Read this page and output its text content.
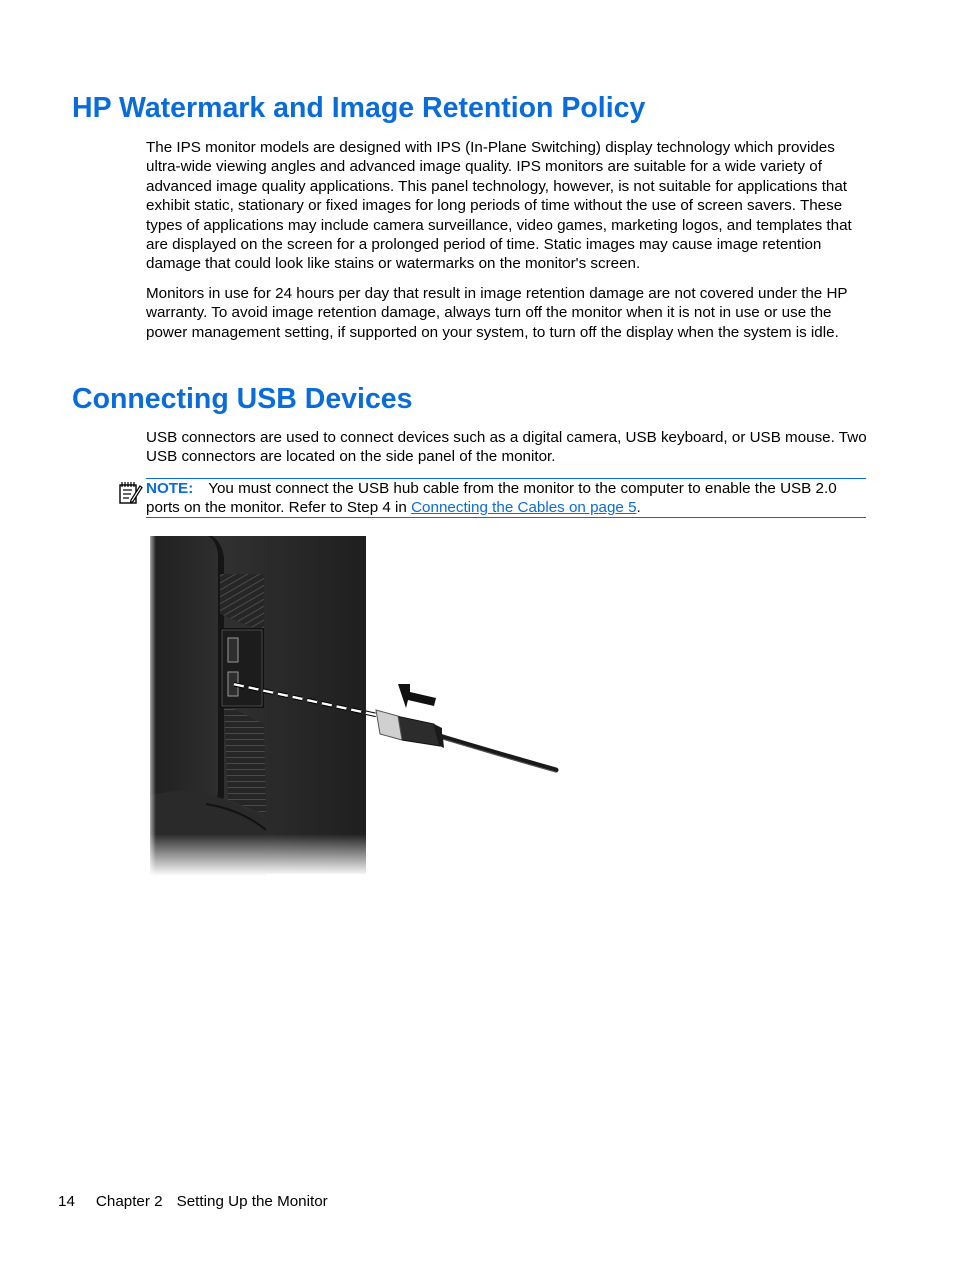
HP Watermark and Image Retention Policy

The IPS monitor models are designed with IPS (In-Plane Switching) display technology which provides ultra-wide viewing angles and advanced image quality. IPS monitors are suitable for a wide variety of advanced image quality applications. This panel technology, however, is not suitable for applications that exhibit static, stationary or fixed images for long periods of time without the use of screen savers. These types of applications may include camera surveillance, video games, marketing logos, and templates that are displayed on the screen for a prolonged period of time. Static images may cause image retention damage that could look like stains or watermarks on the monitor's screen.

Monitors in use for 24 hours per day that result in image retention damage are not covered under the HP warranty. To avoid image retention damage, always turn off the monitor when it is not in use or use the power management setting, if supported on your system, to turn off the display when the system is idle.

Connecting USB Devices

USB connectors are used to connect devices such as a digital camera, USB keyboard, or USB mouse. Two USB connectors are located on the side panel of the monitor.

NOTE: You must connect the USB hub cable from the monitor to the computer to enable the USB 2.0 ports on the monitor. Refer to Step 4 in Connecting the Cables on page 5.

14 Chapter 2 Setting Up the Monitor
